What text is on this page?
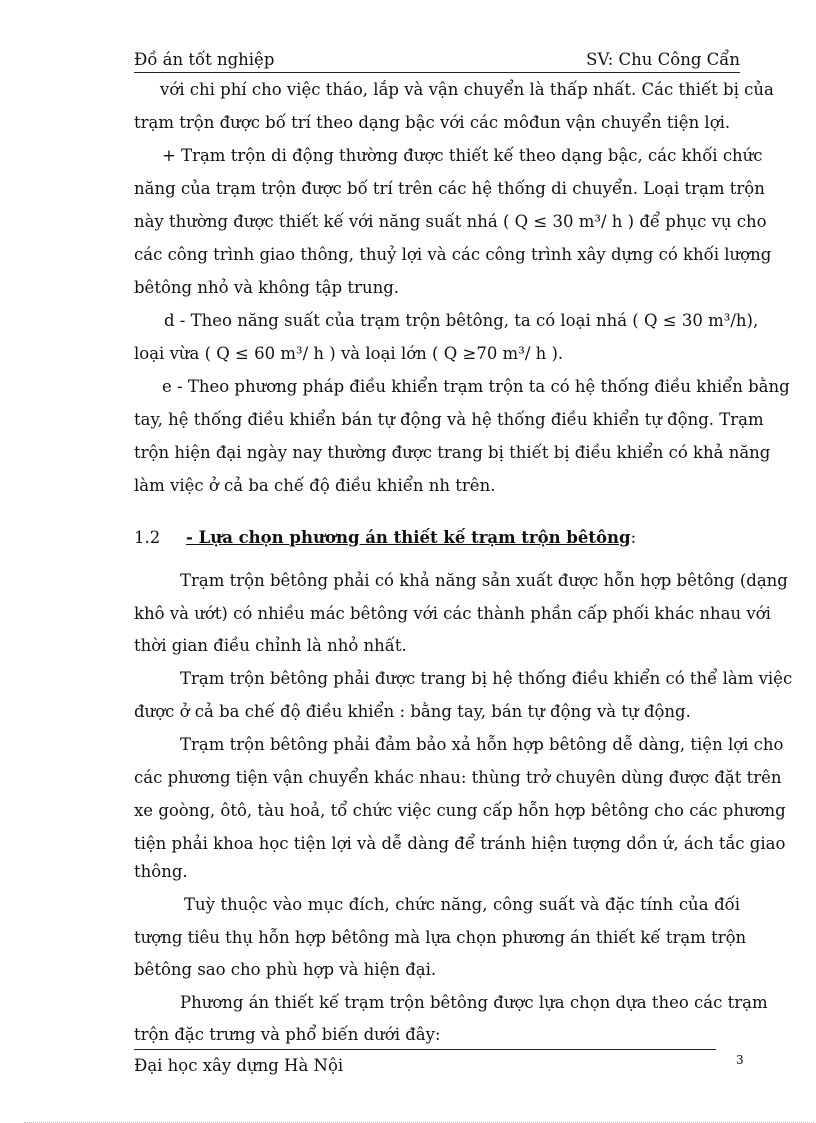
Đồ án tốt nghiệp	SV: Chu Công Cẩn
với chi phí cho việc tháo, lắp và vận chuyển là thấp nhất. Các thiết bị của
trạm trộn được bố trí theo dạng bậc với các môđun vận chuyển tiện lợi.
+ Trạm trộn di động thường được thiết kế theo dạng bậc, các khối chức
năng của trạm trộn được bố trí trên các hệ thống di chuyển. Loại trạm trộn
này thường được thiết kế với năng suất nhá ( Q ≤ 30 m³/ h ) để phục vụ cho
các công trình giao thông, thuỷ lợi và các công trình xây dựng có khối lượng
bêtông nhỏ và không tập trung.
d - Theo năng suất của trạm trộn bêtông, ta có loại nhá ( Q ≤ 30 m³/h),
loại vừa ( Q ≤ 60 m³/ h ) và loại lớn ( Q ≥70 m³/ h ).
e - Theo phương pháp điều khiển trạm trộn ta có hệ thống điều khiển bằng
tay, hệ thống điều khiển bán tự động và hệ thống điều khiển tự động. Trạm
trộn hiện đại ngày nay thường được trang bị thiết bị điều khiển có khả năng
làm việc ở cả ba chế độ điều khiển nh trên.
1.2 - Lựa chọn phương án thiết kế trạm trộn bêtông:
Trạm trộn bêtông phải có khả năng sản xuất được hỗn hợp bêtông (dạng
khô và ướt) có nhiều mác bêtông với các thành phần cấp phối khác nhau với
thời gian điều chỉnh là nhỏ nhất.
Trạm trộn bêtông phải được trang bị hệ thống điều khiển có thể làm việc
được ở cả ba chế độ điều khiển : bằng tay, bán tự động và tự động.
Trạm trộn bêtông phải đảm bảo xả hỗn hợp bêtông dễ dàng, tiện lợi cho
các phương tiện vận chuyển khác nhau: thùng trở chuyên dùng được đặt trên
xe goòng, ôtô, tàu hoả, tổ chức việc cung cấp hỗn hợp bêtông cho các phương
tiện phải khoa học tiện lợi và dễ dàng để tránh hiện tượng dồn ứ, ách tắc giao
thông.
Tuỳ thuộc vào mục đích, chức năng, công suất và đặc tính của đối
tượng tiêu thụ hỗn hợp bêtông mà lựa chọn phương án thiết kế trạm trộn
bêtông sao cho phù hợp và hiện đại.
Phương án thiết kế trạm trộn bêtông được lựa chọn dựa theo các trạm
trộn đặc trưng và phổ biến dưới đây:
Đại học xây dựng Hà Nội	3
